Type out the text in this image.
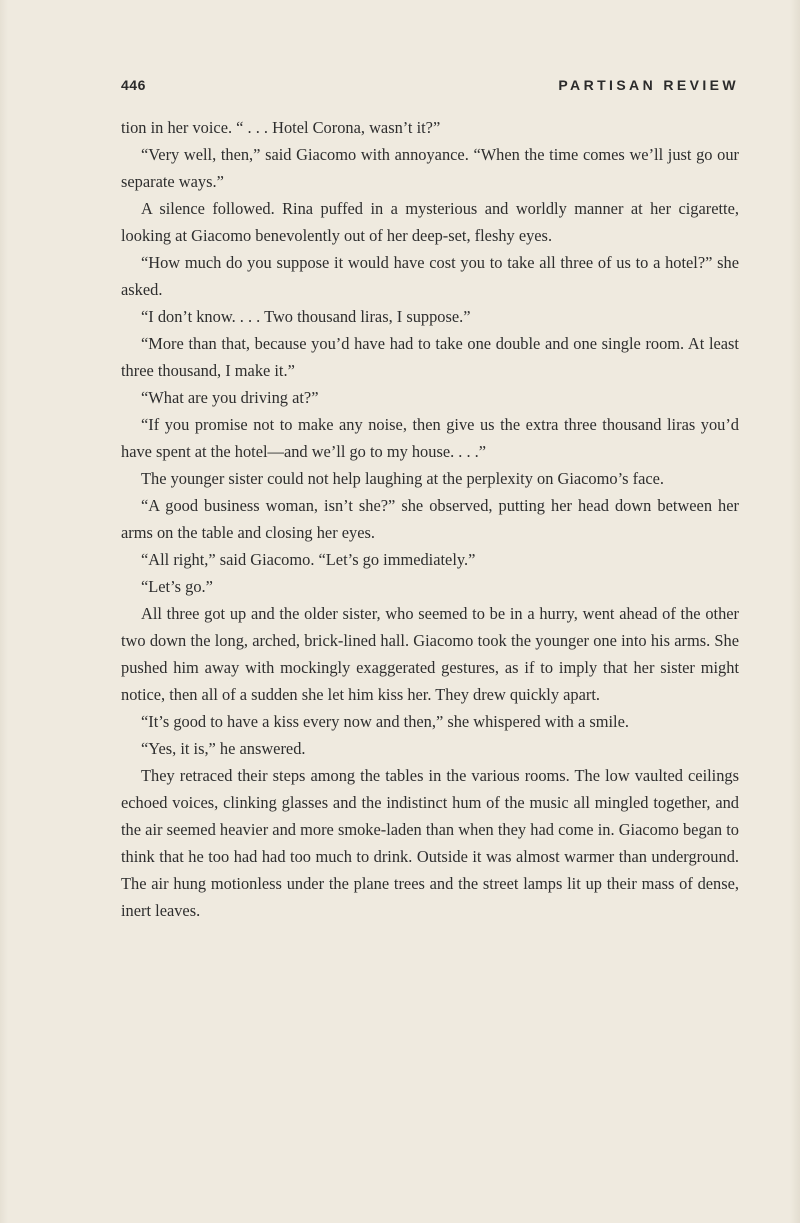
446	PARTISAN REVIEW

tion in her voice. “ . . . Hotel Corona, wasn’t it?”

“Very well, then,” said Giacomo with annoyance. “When the time comes we’ll just go our separate ways.”

A silence followed. Rina puffed in a mysterious and worldly manner at her cigarette, looking at Giacomo benevolently out of her deep-set, fleshy eyes.

“How much do you suppose it would have cost you to take all three of us to a hotel?” she asked.

“I don’t know. . . . Two thousand liras, I suppose.”

“More than that, because you’d have had to take one double and one single room. At least three thousand, I make it.”

“What are you driving at?”

“If you promise not to make any noise, then give us the extra three thousand liras you’d have spent at the hotel—and we’ll go to my house. . . .”

The younger sister could not help laughing at the perplexity on Giacomo’s face.

“A good business woman, isn’t she?” she observed, putting her head down between her arms on the table and closing her eyes.

“All right,” said Giacomo. “Let’s go immediately.”

“Let’s go.”

All three got up and the older sister, who seemed to be in a hurry, went ahead of the other two down the long, arched, brick-lined hall. Giacomo took the younger one into his arms. She pushed him away with mockingly exaggerated gestures, as if to imply that her sister might notice, then all of a sudden she let him kiss her. They drew quickly apart.

“It’s good to have a kiss every now and then,” she whispered with a smile.

“Yes, it is,” he answered.

They retraced their steps among the tables in the various rooms. The low vaulted ceilings echoed voices, clinking glasses and the indistinct hum of the music all mingled together, and the air seemed heavier and more smoke-laden than when they had come in. Giacomo began to think that he too had had too much to drink. Outside it was almost warmer than underground. The air hung motionless under the plane trees and the street lamps lit up their mass of dense, inert leaves.
